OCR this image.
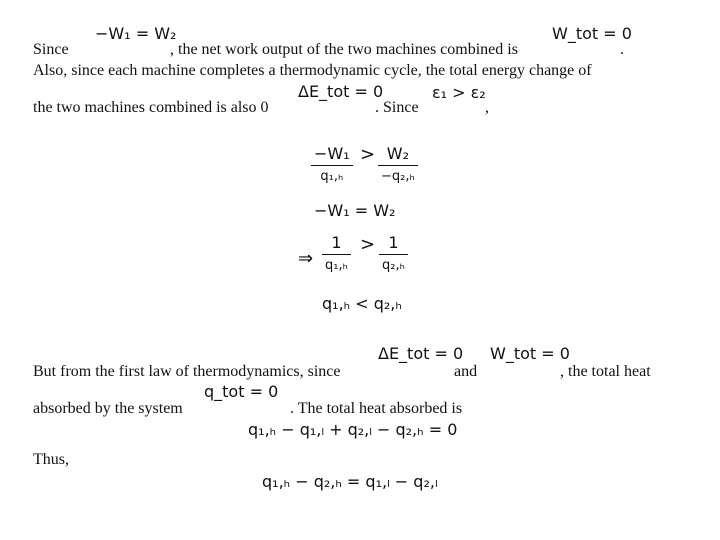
Since
−W₁ = W₂
, the net work output of the two machines combined is
W_tot = 0
.
Also, since each machine completes a thermodynamic cycle, the total energy change of
ΔE_tot = 0	ε₁ > ε₂
the two machines combined is also 0	. Since	,
−W₁
q₁,ₕ
> W₂
−q₂,ₕ
−W₁ = W₂
⇒
1
q₁,ₕ
> 1
q₂,ₕ
q₁,ₕ < q₂,ₕ
ΔE_tot = 0 W_tot = 0
But from the first law of thermodynamics, since	and	, the total heat
q_tot = 0
absorbed by the system	. The total heat absorbed is
q₁,ₕ − q₁,ₗ + q₂,ₗ − q₂,ₕ = 0
Thus,
q₁,ₕ − q₂,ₕ = q₁,ₗ − q₂,ₗ
